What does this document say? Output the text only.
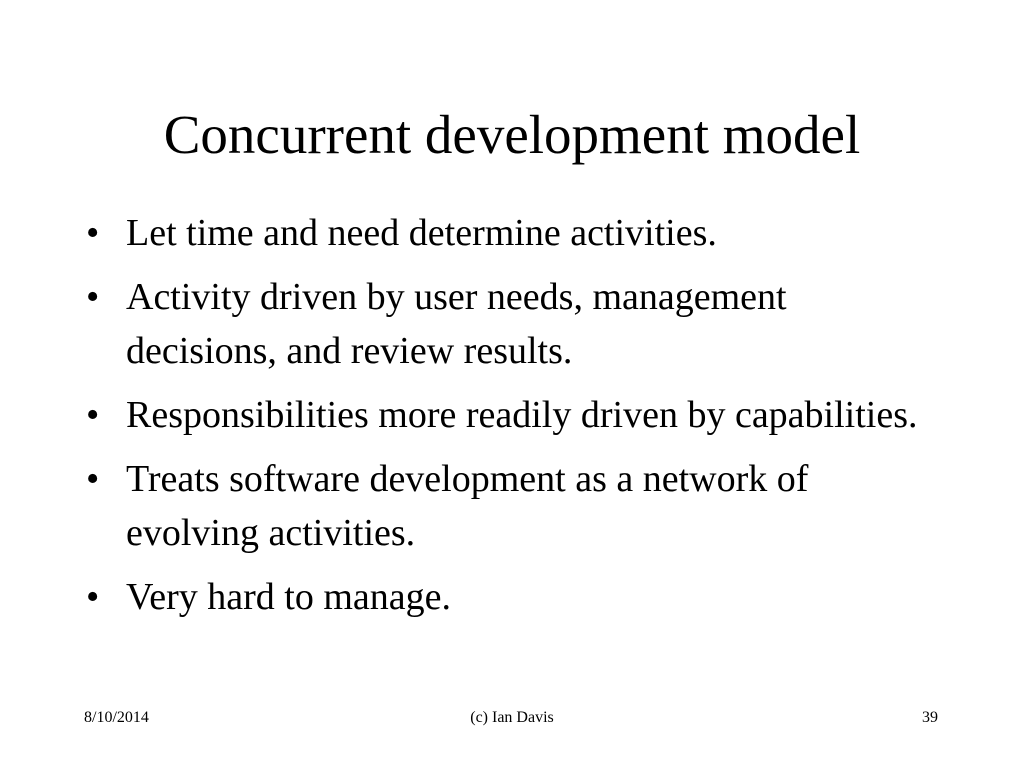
Concurrent development model
• Let time and need determine activities.
• Activity driven by user needs, management decisions, and review results.
• Responsibilities more readily driven by capabilities.
• Treats software development as a network of evolving activities.
• Very hard to manage.
8/10/2014	(c) Ian Davis	39
